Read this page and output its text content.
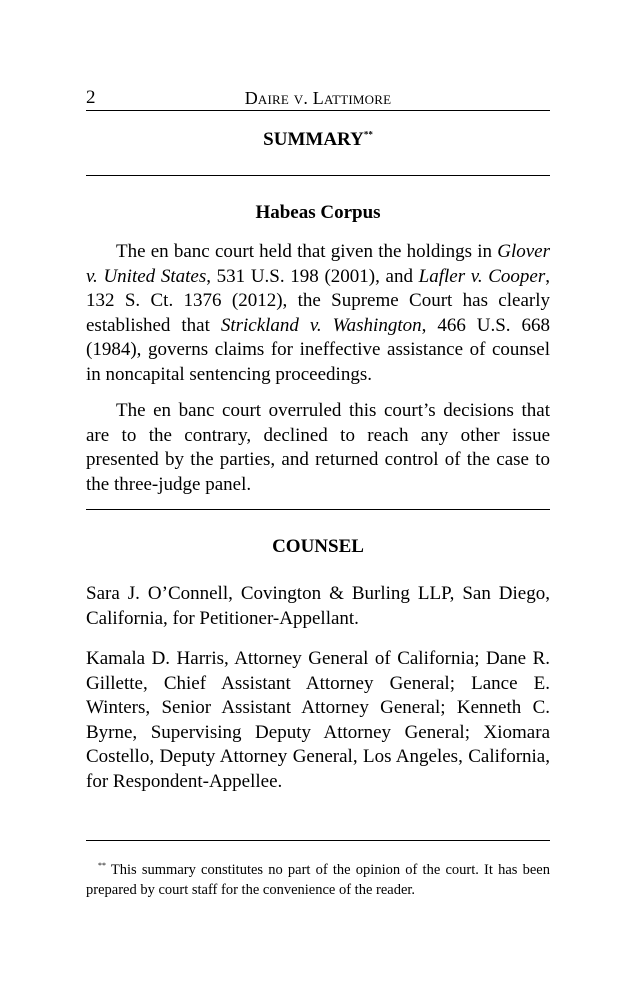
2	Daire v. Lattimore
SUMMARY**
Habeas Corpus
The en banc court held that given the holdings in Glover v. United States, 531 U.S. 198 (2001), and Lafler v. Cooper, 132 S. Ct. 1376 (2012), the Supreme Court has clearly established that Strickland v. Washington, 466 U.S. 668 (1984), governs claims for ineffective assistance of counsel in noncapital sentencing proceedings.
The en banc court overruled this court’s decisions that are to the contrary, declined to reach any other issue presented by the parties, and returned control of the case to the three-judge panel.
COUNSEL
Sara J. O’Connell, Covington & Burling LLP, San Diego, California, for Petitioner-Appellant.
Kamala D. Harris, Attorney General of California; Dane R. Gillette, Chief Assistant Attorney General; Lance E. Winters, Senior Assistant Attorney General; Kenneth C. Byrne, Supervising Deputy Attorney General; Xiomara Costello, Deputy Attorney General, Los Angeles, California, for Respondent-Appellee.
** This summary constitutes no part of the opinion of the court. It has been prepared by court staff for the convenience of the reader.
